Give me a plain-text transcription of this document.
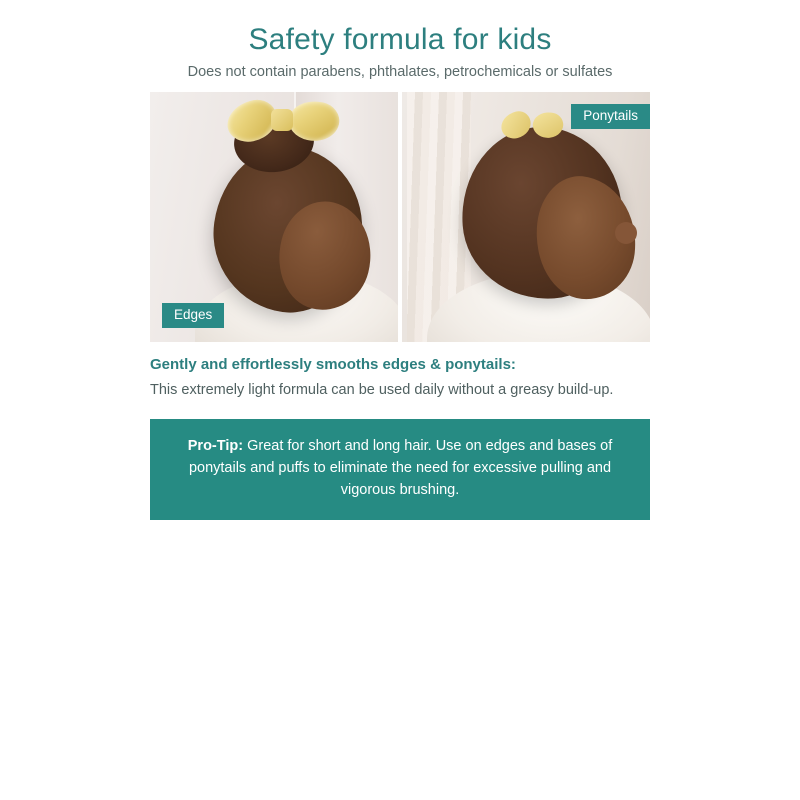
Safety formula for kids

Does not contain parabens, phthalates, petrochemicals or sulfates

Edges
Ponytails

Gently and effortlessly smooths edges & ponytails:

This extremely light formula can be used daily without a greasy build-up.

Pro-Tip: Great for short and long hair. Use on edges and bases of ponytails and puffs to eliminate the need for excessive pulling and vigorous brushing.
